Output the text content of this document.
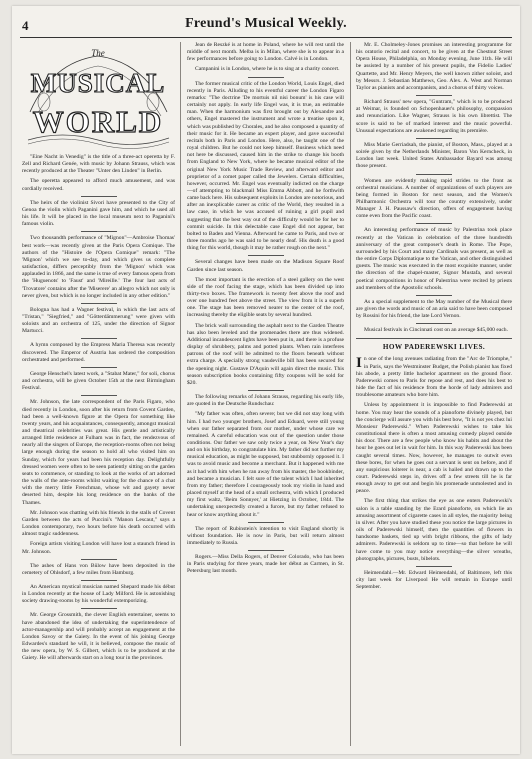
4	Freund's Musical Weekly.
The
MUSICAL
WORLD

"Eine Nacht in Venedig" is the title of a three-act operetta by F. Zell and Richard Genée, with music by Johann Strauss, which was recently produced at the Theater "Unter den Linden" in Berlin.

The operetta appeared to afford much amusement, and was cordially received.

The heirs of the violinist Sivori have presented to the City of Genoa the violin which Paganini gave him, and which he used all his life. It will be placed in the local museum next to Paganini's famous violin.

Two thousandth performance of "Mignon"—Ambroise Thomas' best work—was recently given at the Paris Opera Comique. The authors of the "Histoire de l'Opera Comique" remark: "The 'Mignon' which we see to-day, and which gives us complete satisfaction, differs perceptibly from the 'Mignon' which was applauded in 1866, and the same is true of every famous opera from the 'Huguenots' to 'Faust' and 'Mireille.' The four last acts of 'Trovatore' contains after the 'Miserere' an allegro which not only is never given, but which is no longer included in any other edition."

Bologna has had a Wagner festival, in which the last acts of "Tristan," "Siegfried," and "Götterdämmerung" were given with soloists and an orchestra of 125, under the direction of Signor Martucci.

A hymn composed by the Empress Maria Theresa was recently discovered. The Emperor of Austria has ordered the composition orchestrated and performed.

George Henschel's latest work, a "Stabat Mater," for soli, chorus and orchestra, will be given October 15th at the next Birmingham Festival.

Mr. Johnson, the late correspondent of the Paris Figaro, who died recently in London, soon after his return from Covent Garden, had been a well-known figure at the Opera for something like twenty years, and his acquaintances, consequently, amongst musical and theatrical celebrities was great. His gentle and artistically arranged little residence at Fulham was in fact, the rendezvous of nearly all the singers of Europe, the reception-rooms often not being large enough during the season to hold all who visited him on Sunday, which for years had been his reception day. Delightfully dressed women were often to be seen patiently sitting on the garden seats to commence, or standing to look at the works of art adorned the walls of the ante-rooms whilst waiting for the chance of a chat with the merry little Frenchman, whose wit and gayety never deserted him, despite his long residence on the banks of the Thames.

Mr. Johnson was chatting with his friends in the stalls of Covent Garden between the acts of Puccini's "Manon Lescaut," says a London contemporary, two hours before his death occurred with almost tragic suddenness.

Foreign artists visiting London will have lost a staunch friend in Mr. Johnson.

The ashes of Hans von Bülow have been deposited in the cemetery of Ohlsdorf, a few miles from Hamburg.

An American mystical musician named Shepard made his début in London recently at the house of Lady Milford. He is astonishing society drawing-rooms by his wonderful extemporizing.

Mr. George Grossmith, the clever English entertainer, seems to have abandoned the idea of undertaking the superintendence of actor-managership and will probably accept an engagement at the London Savoy or the Gaiety. In the event of his joining George Edwardes's standard he will, it is believed, compose the music of the new opera, by W. S. Gilbert, which is to be produced at the Gaiety. He will afterwards start on a long tour in the provinces.

Jean de Reszké is at home in Poland, where he will rest until the middle of next month. Melba is in Milan, where she is to appear in a few performances before going to London. Calvé is in London.

Campanini is in London, where he is to sing at a charity concert.

The former musical critic of the London World, Louis Engel, died recently in Paris. Alluding to his eventful career the London Figaro remarks: "The doctrine 'De mortuis nil nisi bonum' is his case will certainly not apply. In early life Engel was, it is true, an estimable man. When the harmonium was first brought out by Alexandre and others, Engel mastered the instrument and wrote a treatise upon it, which was published by Chorales, and he also composed a quantity of their music for it. He became an expert player, and gave successful recitals both in Paris and London. Here, also, he taught one of the royal children. But he could not keep himself. Business which need not here be discussed, caused him in the strike to change his booth from England to New York, where he became musical editor of the original New York Music Trade Review, and afterward editor and proprietor of a comet paper called the Jewelers. Certain difficulties, however, occurred. Mr. Engel was eventually indicted on the charge—of attempting to blackmail Miss Emma Abbott, and he forthwith came back here. His subsequent exploits in London are notorious, and after an inexplicable career as critic of the World, they resulted in a law case, in which he was accused of ruining a girl pupil and suggesting that the best way out of the difficulty would be for her to commit suicide. In this delectable case Engel did not appear, but bolted to Baden and Vienna. Afterward he came to Paris, and two or three months ago he was said to be nearly deaf. His death is a good thing for this world, though it may be rather rough on the next."

Several changes have been made on the Madison Square Roof Garden since last season.

The most important is the erection of a steel gallery on the west side of the roof facing the stage, which has been divided up into thirty-two boxes. The framework is twenty feet above the roof and over one hundred feet above the street. The view from it is a superb one. The stage has been removed nearer to the center of the roof, increasing thereby the eligible seats by several hundred.

The brick wall surrounding the asphalt next to the Garden Theatre has also been leveled and the promenades there are thus widened. Additional incandescent lights have been put in, and there is a profuse display of shrubbery, palms and potted plants. When rain interferes patrons of the roof will be admitted to the floors beneath without extra charge. A specially strong vaudeville bill has been secured for the opening night. Gustave D'Aquin will again direct the music. This season subscription books containing fifty coupons will be sold for $20.

The following remarks of Johann Strauss, regarding his early life, are quoted in the Deutsche Rundschau:

"My father was often, often severe; but we did not stay long with him. I had two younger brothers, Josef and Eduard, were still young when our father separated from our mother, under whose care we remained. A careful education was out of the question under those conditions. Our father we saw only twice a year, on New Year's day and on his birthday, to congratulate him. My father did not further my musical education, as might be supposed, but stubbornly opposed it. I was to avoid music and become a merchant. But it happened with me as it had with him when he ran away from his master, the bookbinder, and became a musician. I felt sure of the talent which I had inherited from my father; therefore I courageously took my violin in hand and placed myself at the head of a small orchestra, with which I produced my first waltz, 'Beim Sonnyer,' at Hietzing in October, 1844. The undertaking unexpectedly created a furore, but my father refused to hear or know anything about it."

The report of Rubinstein's intention to visit England shortly is without foundation. He is now in Paris, but will return almost immediately to Russia.

Rogers.—Miss Della Rogers, of Denver Colorado, who has been in Paris studying for three years, made her début as Carmen, in St. Petersburg last month.

Mr. E. Cholmeley-Jones promises an interesting programme for his oratorio recital and concert, to be given at the Chestnut Street Opera House, Philadelphia, on Monday evening, June 11th. He will be assisted by a number of his present pupils, the Fidelio Ladies' Quartette, and Mr. Henry Meyers, the well known zither soloist, and by Messrs. J. Sebastian Matthews, Geo. Alex. A. West and Norman Taylor as pianists and accompanists, and a chorus of thirty voices.

Richard Strauss' new opera, "Guntram," which is to be produced at Weimar, is founded on Schopenhauer's philosophy, compassion and renunciation. Like Wagner, Strauss is his own librettist. The score is said to be of marked interest and the music powerful. Unusual expectations are awakened regarding its première.

Miss Marie Gerriadsah, the pianist, of Boston, Mass., played at a soirée given by the Netherlands Minister, Baron Von Kerncheck, in London last week. United States Ambassador Bayard was among those present.

Women are evidently making rapid strides to the front as orchestral musicians. A number of organizations of such players are being formed in Boston for next season, and the Women's Philharmonic Orchestra will tour the country extensively, under Manager J. H. Paussaw's direction, offers of engagement having come even from the Pacific coast.

An interesting performance of music by Palestrina took place recently at the Vatican in celebration of the three hundredth anniversary of the great composer's death in Rome. The Pope, surrounded by his Court and many Cardinals was present, as well as the entire Corps Diplomatique to the Vatican, and other distinguished guests. The music was executed in the most exquisite manner, under the direction of the chapel-master, Signor Mustafa, and several poetical compositions in honor of Palestrina were recited by priests and members of the Apostolic schools.

As a special supplement to the May number of the Musical there are given the words and music of an aria said to have been composed by Rossini for his friend, the late Lord Vernon.

Musical festivals in Cincinnati cost on an average $45,000 each.

HOW PADEREWSKI LIVES.

In one of the long avenues radiating from the "Arc de Triomphe," in Paris, says the Westminster Budget, the Polish pianist has fixed his abode, a pretty little bachelor apartment on the ground floor. Paderewski comes to Paris for repose and rest, and does his best to hide the fact of his residence from the horde of lady admirers and troublesome amateurs who bore him.

Unless by appointment it is impossible to find Paderewski at home. You may hear the sounds of a pianoforte divinely played, but the concierge will assure you with his best bow, "It is not yes chez lui Monsieur Paderewski." When Paderewski wishes to take his constitutional there is often a most amusing comedy played outside his door. There are a few people who know his habits and about the hour he goes out let in wait for him. In this way Paderewski has been caught several times. Now, however, he manages to outwit even these bores, for when he goes out a servant is sent on before, and if any suspicious loiterer is near, a cab is hailed and drawn up to the court. Paderewski steps in, drives off a few streets till he is far enough away to get out and begin his promenade unmolested and in peace.

The first thing that strikes the eye as one enters Paderewski's salon is a table standing by the Erard pianoforte, on which lie an amusing assortment of cigarette cases in all styles, the majority being in silver. After you have studied these you notice the large pictures in oils of Paderewski himself, then the quantities of flowers in handsome baskets, tied up with bright ribbons, the gifts of lady admirers. Paderewski is seldom up to time—so that before he will have come to you may notice everything—the silver wreaths, photographs, pictures, busts, bibelots.

Heimendahl.—Mr. Edward Heimendahl, of Baltimore, left this city last week for Liverpool He will remain in Europe until September.
